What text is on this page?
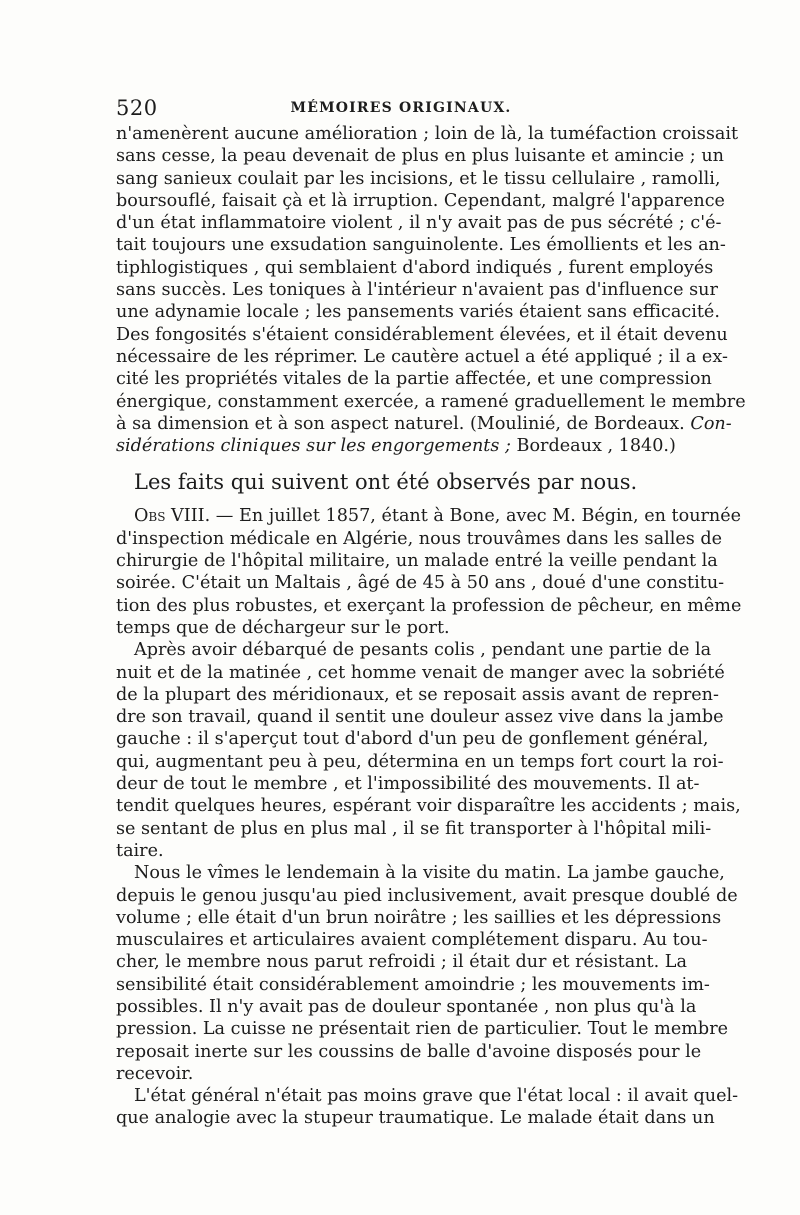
520	MÉMOIRES ORIGINAUX.
n'amenèrent aucune amélioration ; loin de là, la tuméfaction croissait
sans cesse, la peau devenait de plus en plus luisante et amincie ; un
sang sanieux coulait par les incisions, et le tissu cellulaire , ramolli,
boursouflé, faisait çà et là irruption. Cependant, malgré l'apparence
d'un état inflammatoire violent , il n'y avait pas de pus sécrété ; c'é-
tait toujours une exsudation sanguinolente. Les émollients et les an-
tiphlogistiques , qui semblaient d'abord indiqués , furent employés
sans succès. Les toniques à l'intérieur n'avaient pas d'influence sur
une adynamie locale ; les pansements variés étaient sans efficacité.
Des fongosités s'étaient considérablement élevées, et il était devenu
nécessaire de les réprimer. Le cautère actuel a été appliqué ; il a ex-
cité les propriétés vitales de la partie affectée, et une compression
énergique, constamment exercée, a ramené graduellement le membre
à sa dimension et à son aspect naturel. (Moulinié, de Bordeaux. Con-
sidérations cliniques sur les engorgements ; Bordeaux , 1840.)
Les faits qui suivent ont été observés par nous.
Obs VIII. — En juillet 1857, étant à Bone, avec M. Bégin, en tournée
d'inspection médicale en Algérie, nous trouvâmes dans les salles de
chirurgie de l'hôpital militaire, un malade entré la veille pendant la
soirée. C'était un Maltais , âgé de 45 à 50 ans , doué d'une constitu-
tion des plus robustes, et exerçant la profession de pêcheur, en même
temps que de déchargeur sur le port.
Après avoir débarqué de pesants colis , pendant une partie de la
nuit et de la matinée , cet homme venait de manger avec la sobriété
de la plupart des méridionaux, et se reposait assis avant de repren-
dre son travail, quand il sentit une douleur assez vive dans la jambe
gauche : il s'aperçut tout d'abord d'un peu de gonflement général,
qui, augmentant peu à peu, détermina en un temps fort court la roi-
deur de tout le membre , et l'impossibilité des mouvements. Il at-
tendit quelques heures, espérant voir disparaître les accidents ; mais,
se sentant de plus en plus mal , il se fit transporter à l'hôpital mili-
taire.
Nous le vîmes le lendemain à la visite du matin. La jambe gauche,
depuis le genou jusqu'au pied inclusivement, avait presque doublé de
volume ; elle était d'un brun noirâtre ; les saillies et les dépressions
musculaires et articulaires avaient complétement disparu. Au tou-
cher, le membre nous parut refroidi ; il était dur et résistant. La
sensibilité était considérablement amoindrie ; les mouvements im-
possibles. Il n'y avait pas de douleur spontanée , non plus qu'à la
pression. La cuisse ne présentait rien de particulier. Tout le membre
reposait inerte sur les coussins de balle d'avoine disposés pour le
recevoir.
L'état général n'était pas moins grave que l'état local : il avait quel-
que analogie avec la stupeur traumatique. Le malade était dans un
